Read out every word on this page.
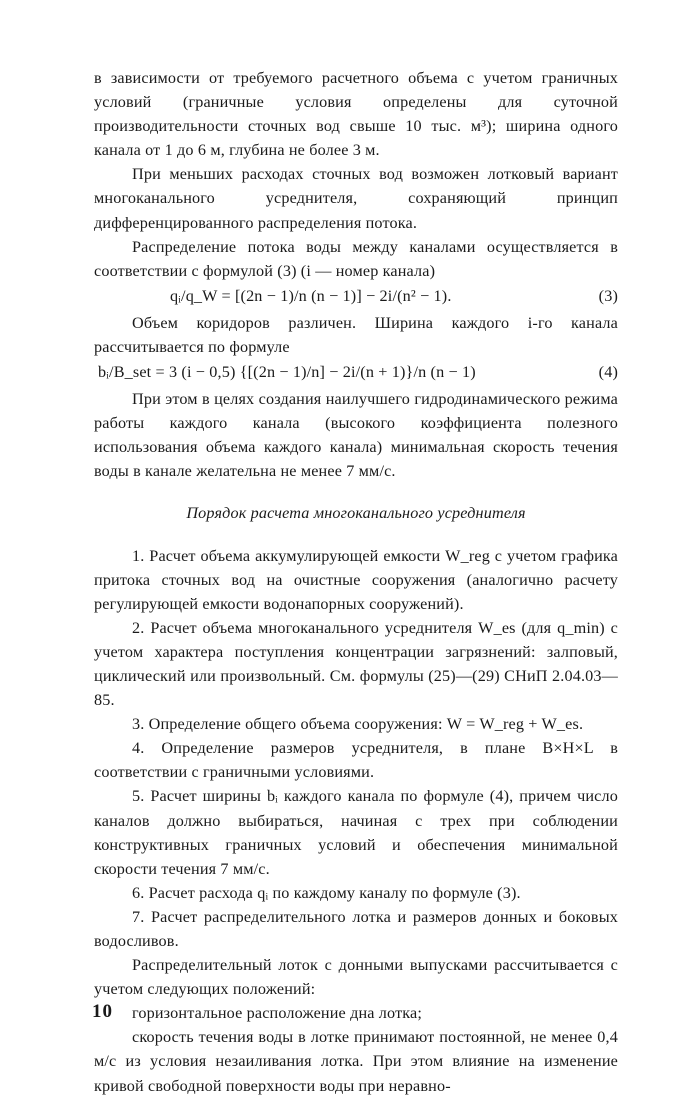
в зависимости от требуемого расчетного объема с учетом граничных условий (граничные условия определены для суточной производительности сточных вод свыше 10 тыс. м³); ширина одного канала от 1 до 6 м, глубина не более 3 м.

При меньших расходах сточных вод возможен лотковый вариант многоканального усреднителя, сохраняющий принцип дифференцированного распределения потока.

Распределение потока воды между каналами осуществляется в соответствии с формулой (3) (i — номер канала)

qᵢ/q_W = [(2n − 1)/n (n − 1)] − 2i/(n² − 1).	(3)

Объем коридоров различен. Ширина каждого i-го канала рассчитывается по формуле

bᵢ/B_set = 3 (i − 0,5) {[(2n − 1)/n] − 2i/(n + 1)}/n (n − 1)	(4)

При этом в целях создания наилучшего гидродинамического режима работы каждого канала (высокого коэффициента полезного использования объема каждого канала) минимальная скорость течения воды в канале желательна не менее 7 мм/с.

Порядок расчета многоканального усреднителя

1. Расчет объема аккумулирующей емкости W_reg с учетом графика притока сточных вод на очистные сооружения (аналогично расчету регулирующей емкости водонапорных сооружений).

2. Расчет объема многоканального усреднителя W_es (для q_min) с учетом характера поступления концентрации загрязнений: залповый, циклический или произвольный. См. формулы (25)—(29) СНиП 2.04.03—85.

3. Определение общего объема сооружения: W = W_reg + W_es.

4. Определение размеров усреднителя, в плане B×H×L в соответствии с граничными условиями.

5. Расчет ширины bᵢ каждого канала по формуле (4), причем число каналов должно выбираться, начиная с трех при соблюдении конструктивных граничных условий и обеспечения минимальной скорости течения 7 мм/с.

6. Расчет расхода qᵢ по каждому каналу по формуле (3).

7. Расчет распределительного лотка и размеров донных и боковых водосливов.

Распределительный лоток с донными выпусками рассчитывается с учетом следующих положений:

горизонтальное расположение дна лотка;

скорость течения воды в лотке принимают постоянной, не менее 0,4 м/с из условия незаиливания лотка. При этом влияние на изменение кривой свободной поверхности воды при неравно-

10
